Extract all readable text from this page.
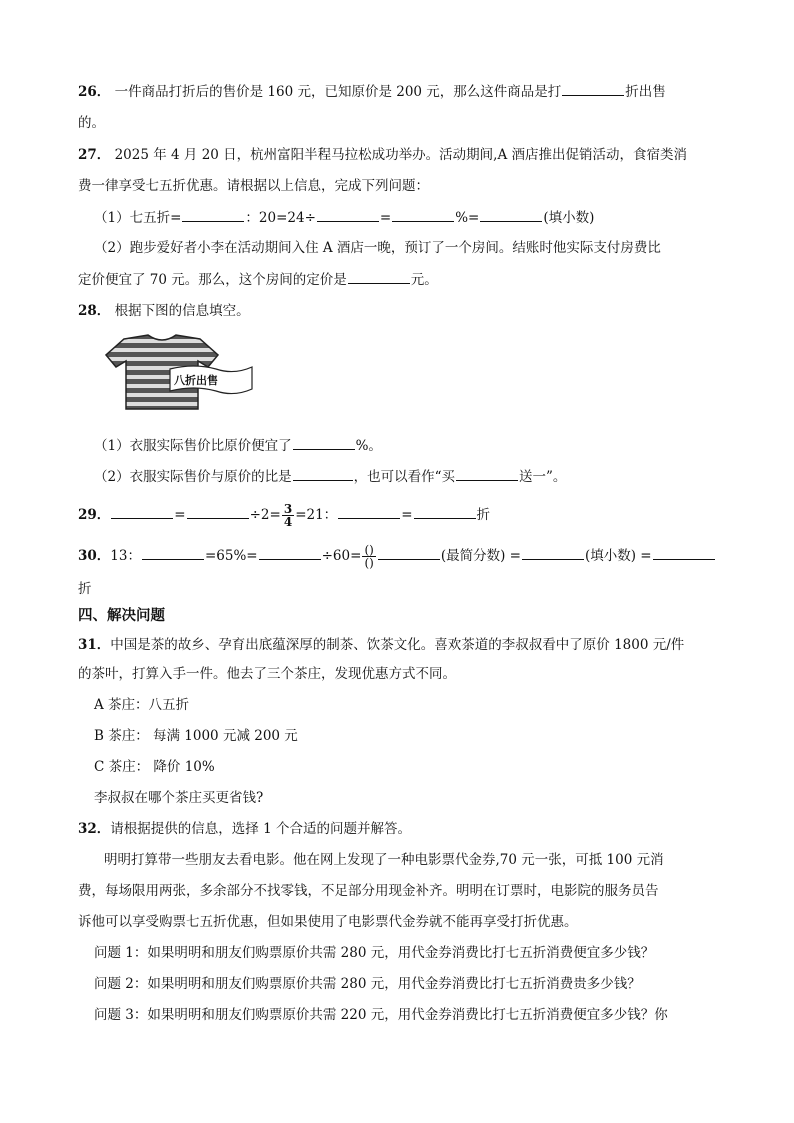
26． 一件商品打折后的售价是 160 元，已知原价是 200 元，那么这件商品是打	折出售
的。
27． 2025 年 4 月 20 日，杭州富阳半程马拉松成功举办。活动期间,A 酒店推出促销活动，食宿类消
费一律享受七五折优惠。请根据以上信息，完成下列问题：
（1）七五折=	：20=24÷	=	%=	(填小数)
（2）跑步爱好者小李在活动期间入住 A 酒店一晚，预订了一个房间。结账时他实际支付房费比
定价便宜了 70 元。那么，这个房间的定价是	元。
28． 根据下图的信息填空。
八折出售
（1）衣服实际售价比原价便宜了	%。
（2）衣服实际售价与原价的比是	，也可以看作“买	送一”。
29．	=	$\div 2= \frac{3}{4} =21$：	=	折
30．13：	=65%=	$\div 60= \frac{()}{()}$	(最简分数) =	(填小数) =
折
四、解决问题
31．中国是茶的故乡、孕育出底蕴深厚的制茶、饮茶文化。喜欢茶道的李叔叔看中了原价 1800 元/件
的茶叶，打算入手一件。他去了三个茶庄，发现优惠方式不同。
A 茶庄：八五折
B 茶庄： 每满 1000 元减 200 元
C 茶庄： 降价 10%
李叔叔在哪个茶庄买更省钱?
32．请根据提供的信息，选择 1 个合适的问题并解答。
明明打算带一些朋友去看电影。他在网上发现了一种电影票代金券,70 元一张，可抵 100 元消
费，每场限用两张，多余部分不找零钱，不足部分用现金补齐。明明在订票时，电影院的服务员告
诉他可以享受购票七五折优惠，但如果使用了电影票代金券就不能再享受打折优惠。
问题 1：如果明明和朋友们购票原价共需 280 元，用代金券消费比打七五折消费便宜多少钱？
问题 2：如果明明和朋友们购票原价共需 280 元，用代金券消费比打七五折消费贵多少钱？
问题 3：如果明明和朋友们购票原价共需 220 元，用代金券消费比打七五折消费便宜多少钱？你
